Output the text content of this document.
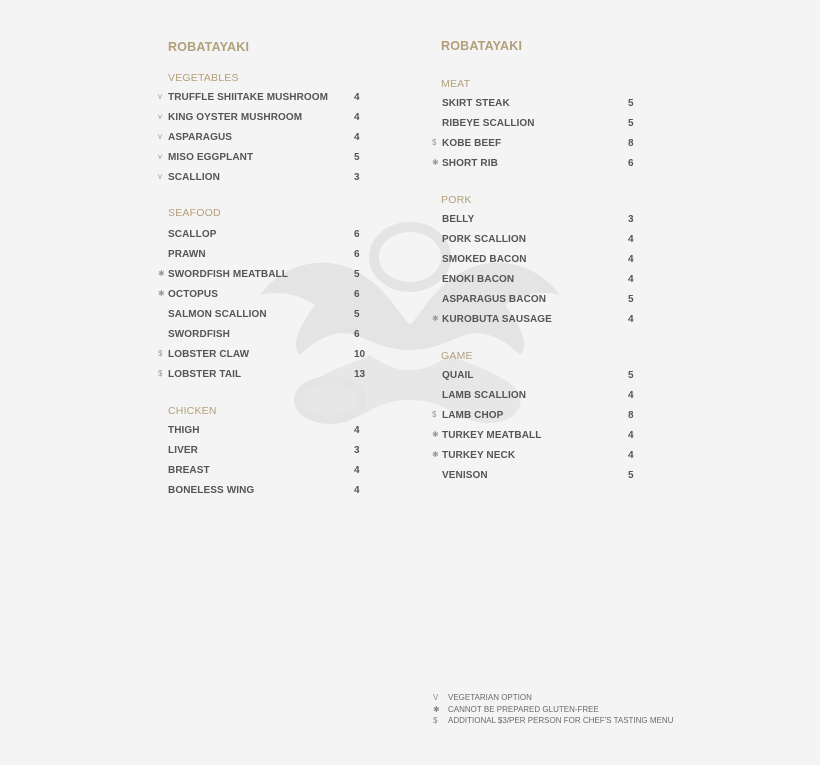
ROBATAYAKI
VEGETABLES
v TRUFFLE SHIITAKE MUSHROOM	4
v KING OYSTER MUSHROOM	4
v ASPARAGUS	4
v MISO EGGPLANT	5
v SCALLION	3
SEAFOOD
SCALLOP	6
PRAWN	6
✱ SWORDFISH MEATBALL	5
✱ OCTOPUS	6
SALMON SCALLION	5
SWORDFISH	6
$ LOBSTER CLAW	10
$ LOBSTER TAIL	13
CHICKEN
THIGH	4
LIVER	3
BREAST	4
BONELESS WING	4
ROBATAYAKI
MEAT
SKIRT STEAK	5
RIBEYE SCALLION	5
$ KOBE BEEF	8
✱ SHORT RIB	6
PORK
BELLY	3
PORK SCALLION	4
SMOKED BACON	4
ENOKI BACON	4
ASPARAGUS BACON	5
✱ KUROBUTA SAUSAGE	4
GAME
QUAIL	5
LAMB SCALLION	4
$ LAMB CHOP	8
✱ TURKEY MEATBALL	4
✱ TURKEY NECK	4
VENISON	5
V	VEGETARIAN OPTION
✱	CANNOT BE PREPARED GLUTEN-FREE
$	ADDITIONAL $3/PER PERSON FOR CHEF'S TASTING MENU
